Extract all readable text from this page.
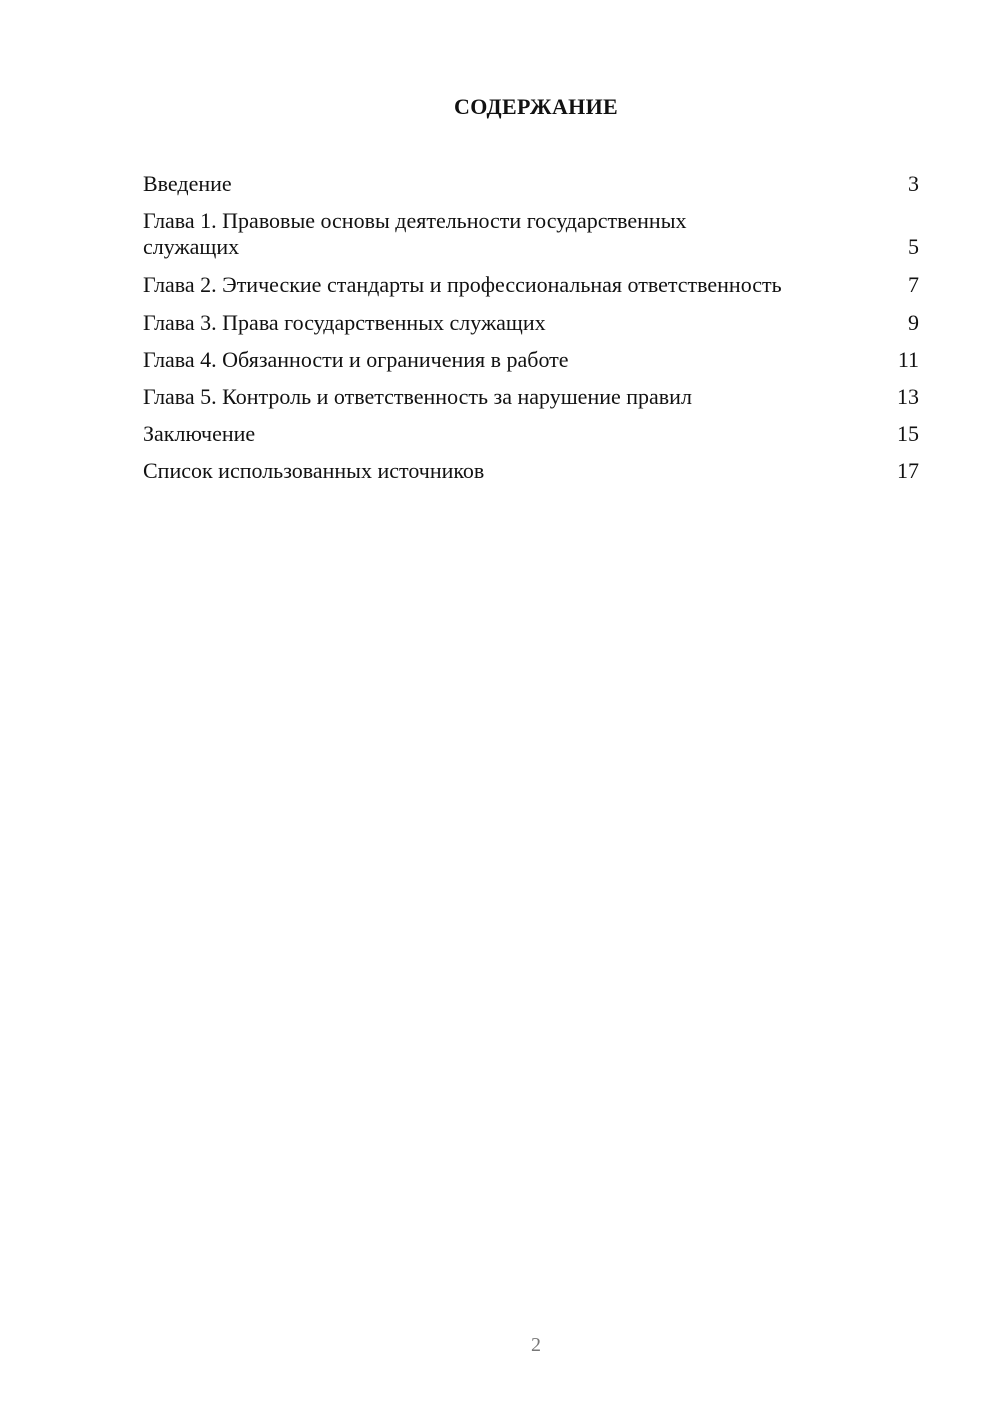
СОДЕРЖАНИЕ
Введение	3
Глава 1. Правовые основы деятельности государственных служащих	5
Глава 2. Этические стандарты и профессиональная ответственность	7
Глава 3. Права государственных служащих	9
Глава 4. Обязанности и ограничения в работе	11
Глава 5. Контроль и ответственность за нарушение правил	13
Заключение	15
Список использованных источников	17
2
